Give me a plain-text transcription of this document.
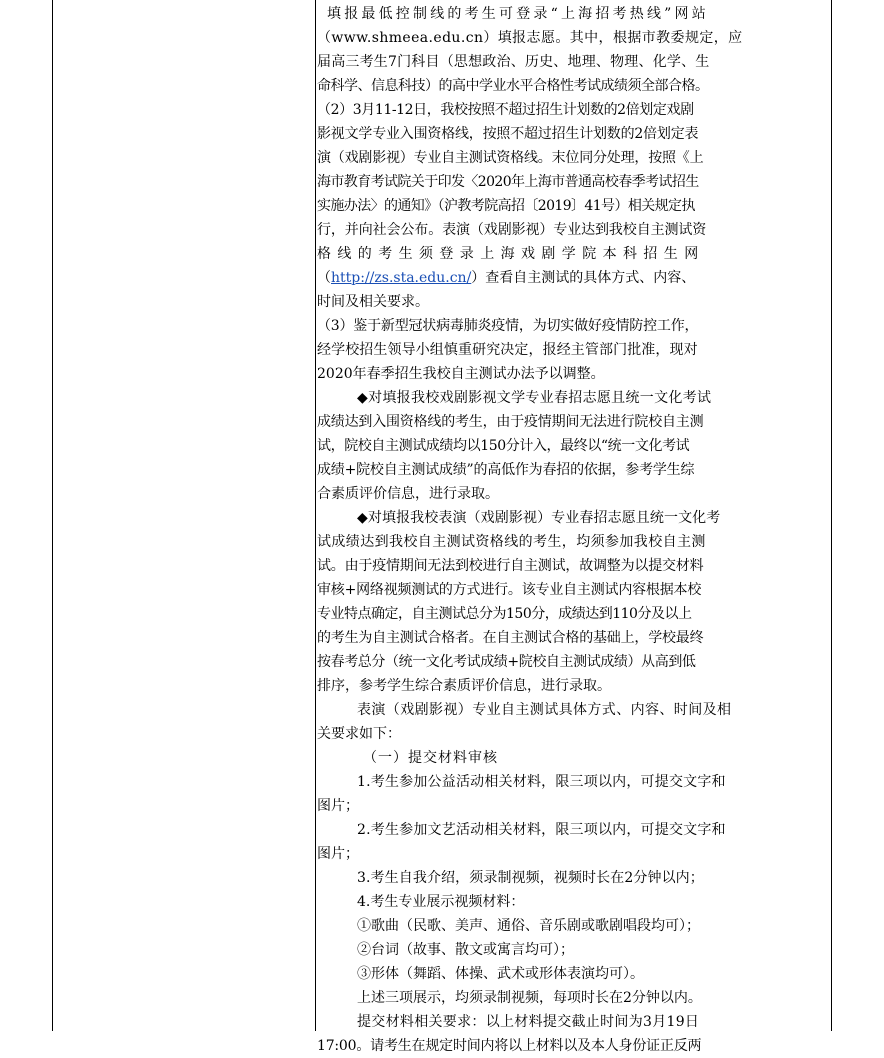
填报最低控制线的考生可登录“上海招考热线”网站

（www.shmeea.edu.cn）填报志愿。其中，根据市教委规定，应

届高三考生7门科目（思想政治、历史、地理、物理、化学、生

命科学、信息科技）的高中学业水平合格性考试成绩须全部合格。

（2）3月11-12日，我校按照不超过招生计划数的2倍划定戏剧

影视文学专业入围资格线，按照不超过招生计划数的2倍划定表

演（戏剧影视）专业自主测试资格线。末位同分处理，按照《上

海市教育考试院关于印发〈2020年上海市普通高校春季考试招生

实施办法〉的通知》（沪教考院高招〔2019〕41号）相关规定执

行，并向社会公布。表演（戏剧影视）专业达到我校自主测试资

格线的考生须登录上海戏剧学院本科招生网

（http://zs.sta.edu.cn/）查看自主测试的具体方式、内容、

时间及相关要求。

（3）鉴于新型冠状病毒肺炎疫情，为切实做好疫情防控工作，

经学校招生领导小组慎重研究决定，报经主管部门批准，现对

2020年春季招生我校自主测试办法予以调整。

◆对填报我校戏剧影视文学专业春招志愿且统一文化考试

成绩达到入围资格线的考生，由于疫情期间无法进行院校自主测

试，院校自主测试成绩均以150分计入，最终以“统一文化考试

成绩+院校自主测试成绩”的高低作为春招的依据，参考学生综

合素质评价信息，进行录取。

◆对填报我校表演（戏剧影视）专业春招志愿且统一文化考

试成绩达到我校自主测试资格线的考生，均须参加我校自主测

试。由于疫情期间无法到校进行自主测试，故调整为以提交材料

审核+网络视频测试的方式进行。该专业自主测试内容根据本校

专业特点确定，自主测试总分为150分，成绩达到110分及以上

的考生为自主测试合格者。在自主测试合格的基础上，学校最终

按春考总分（统一文化考试成绩+院校自主测试成绩）从高到低

排序，参考学生综合素质评价信息，进行录取。

表演（戏剧影视）专业自主测试具体方式、内容、时间及相

关要求如下：

（一）提交材料审核

1.考生参加公益活动相关材料，限三项以内，可提交文字和

图片；

2.考生参加文艺活动相关材料，限三项以内，可提交文字和

图片；

3.考生自我介绍，须录制视频，视频时长在2分钟以内；

4.考生专业展示视频材料：

①歌曲（民歌、美声、通俗、音乐剧或歌剧唱段均可）；

②台词（故事、散文或寓言均可）；

③形体（舞蹈、体操、武术或形体表演均可）。

上述三项展示，均须录制视频，每项时长在2分钟以内。

提交材料相关要求：以上材料提交截止时间为3月19日

17:00。请考生在规定时间内将以上材料以及本人身份证正反两
